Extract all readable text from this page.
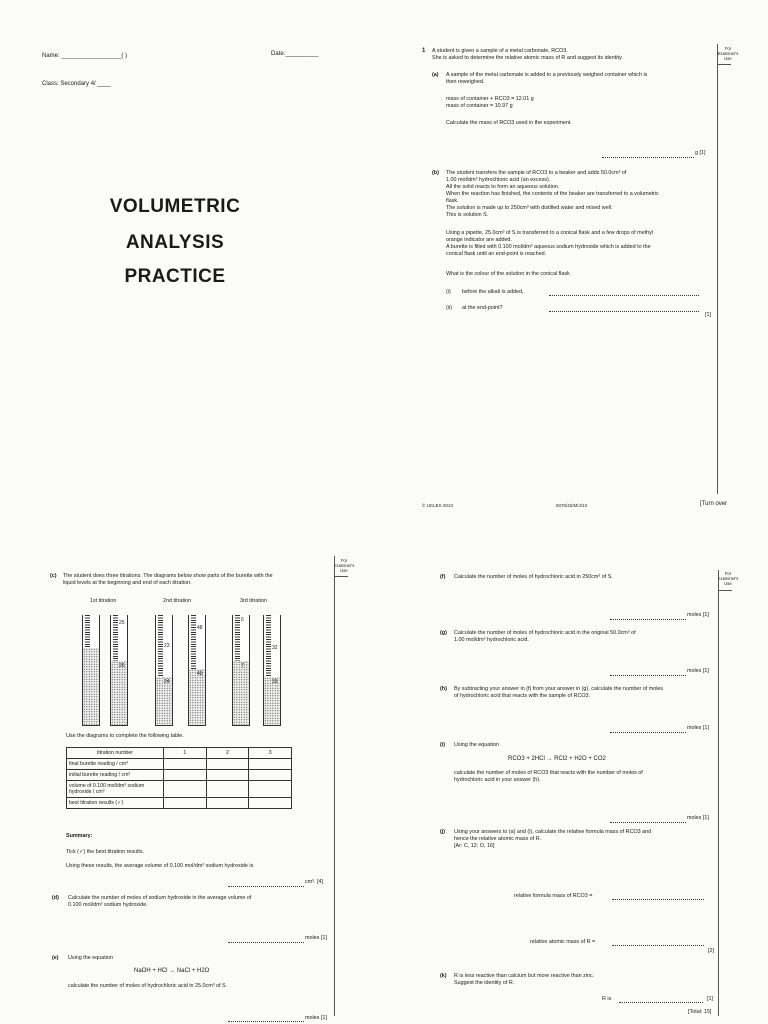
Name: __________________( )	Date:__________
Class: Secondary 4/ ____
VOLUMETRIC
ANALYSIS
PRACTICE
1 A student is given a sample of a metal carbonate, RCO3.
She is asked to determine the relative atomic mass of R and suggest its identity.
For Examiner's Use
(a) A sample of the metal carbonate is added to a previously weighed container which is
then reweighed.
mass of container + RCO3 = 12.01 g
mass of container = 10.97 g
Calculate the mass of RCO3 used in the experiment.
g [1]
(b) The student transfers the sample of RCO3 to a beaker and adds 50.0cm³ of
1.00 mol/dm³ hydrochloric acid (an excess).
All the solid reacts to form an aqueous solution.
When the reaction has finished, the contents of the beaker are transferred to a volumetric
flask.
The solution is made up to 250cm³ with distilled water and mixed well.
This is solution S.
Using a pipette, 25.0cm³ of S is transferred to a conical flask and a few drops of methyl
orange indicator are added.
A burette is filled with 0.100 mol/dm³ aqueous sodium hydroxide which is added to the
conical flask until an end-point is reached.
What is the colour of the solution in the conical flask
(i) before the alkali is added,
(ii) at the end-point?
[1]
© UCLES 2013	5070/42/M/J/13	[Turn over
(c) The student does three titrations. The diagrams below show parts of the burette with the
liquid levels at the beginning and end of each titration.
For Examiner's Use
1st titration	2nd titration	3rd titration
25
26
23
24
48
49
6
7
32
33
Use the diagrams to complete the following table.
titration number	1	2	3
final burette reading / cm³			
initial burette reading / cm³			
volume of 0.100 mol/dm³ sodium hydroxide / cm³			
best titration results (✓)			
Summary:
Tick (✓) the best titration results.
Using these results, the average volume of 0.100 mol/dm³ sodium hydroxide is
cm³. [4]
(d) Calculate the number of moles of sodium hydroxide in the average volume of
0.100 mol/dm³ sodium hydroxide.
moles [1]
(e) Using the equation
NaOH + HCl → NaCl + H2O
calculate the number of moles of hydrochloric acid in 25.0cm³ of S.
moles [1]
For Examiner's Use
(f) Calculate the number of moles of hydrochloric acid in 250cm³ of S.
moles [1]
(g) Calculate the number of moles of hydrochloric acid in the original 50.0cm³ of
1.00 mol/dm³ hydrochloric acid.
moles [1]
(h) By subtracting your answer in (f) from your answer in (g), calculate the number of moles
of hydrochloric acid that reacts with the sample of RCO3.
moles [1]
(i) Using the equation
RCO3 + 2HCl → RCl2 + H2O + CO2
calculate the number of moles of RCO3 that reacts with the number of moles of
hydrochloric acid in your answer (h).
moles [1]
(j) Using your answers to (a) and (i), calculate the relative formula mass of RCO3 and
hence the relative atomic mass of R.
[Ar: C, 12; O, 16]
relative formula mass of RCO3 =
relative atomic mass of R =
[2]
(k) R is less reactive than calcium but more reactive than zinc.
Suggest the identity of R.
R is	[1]
[Total: 15]
